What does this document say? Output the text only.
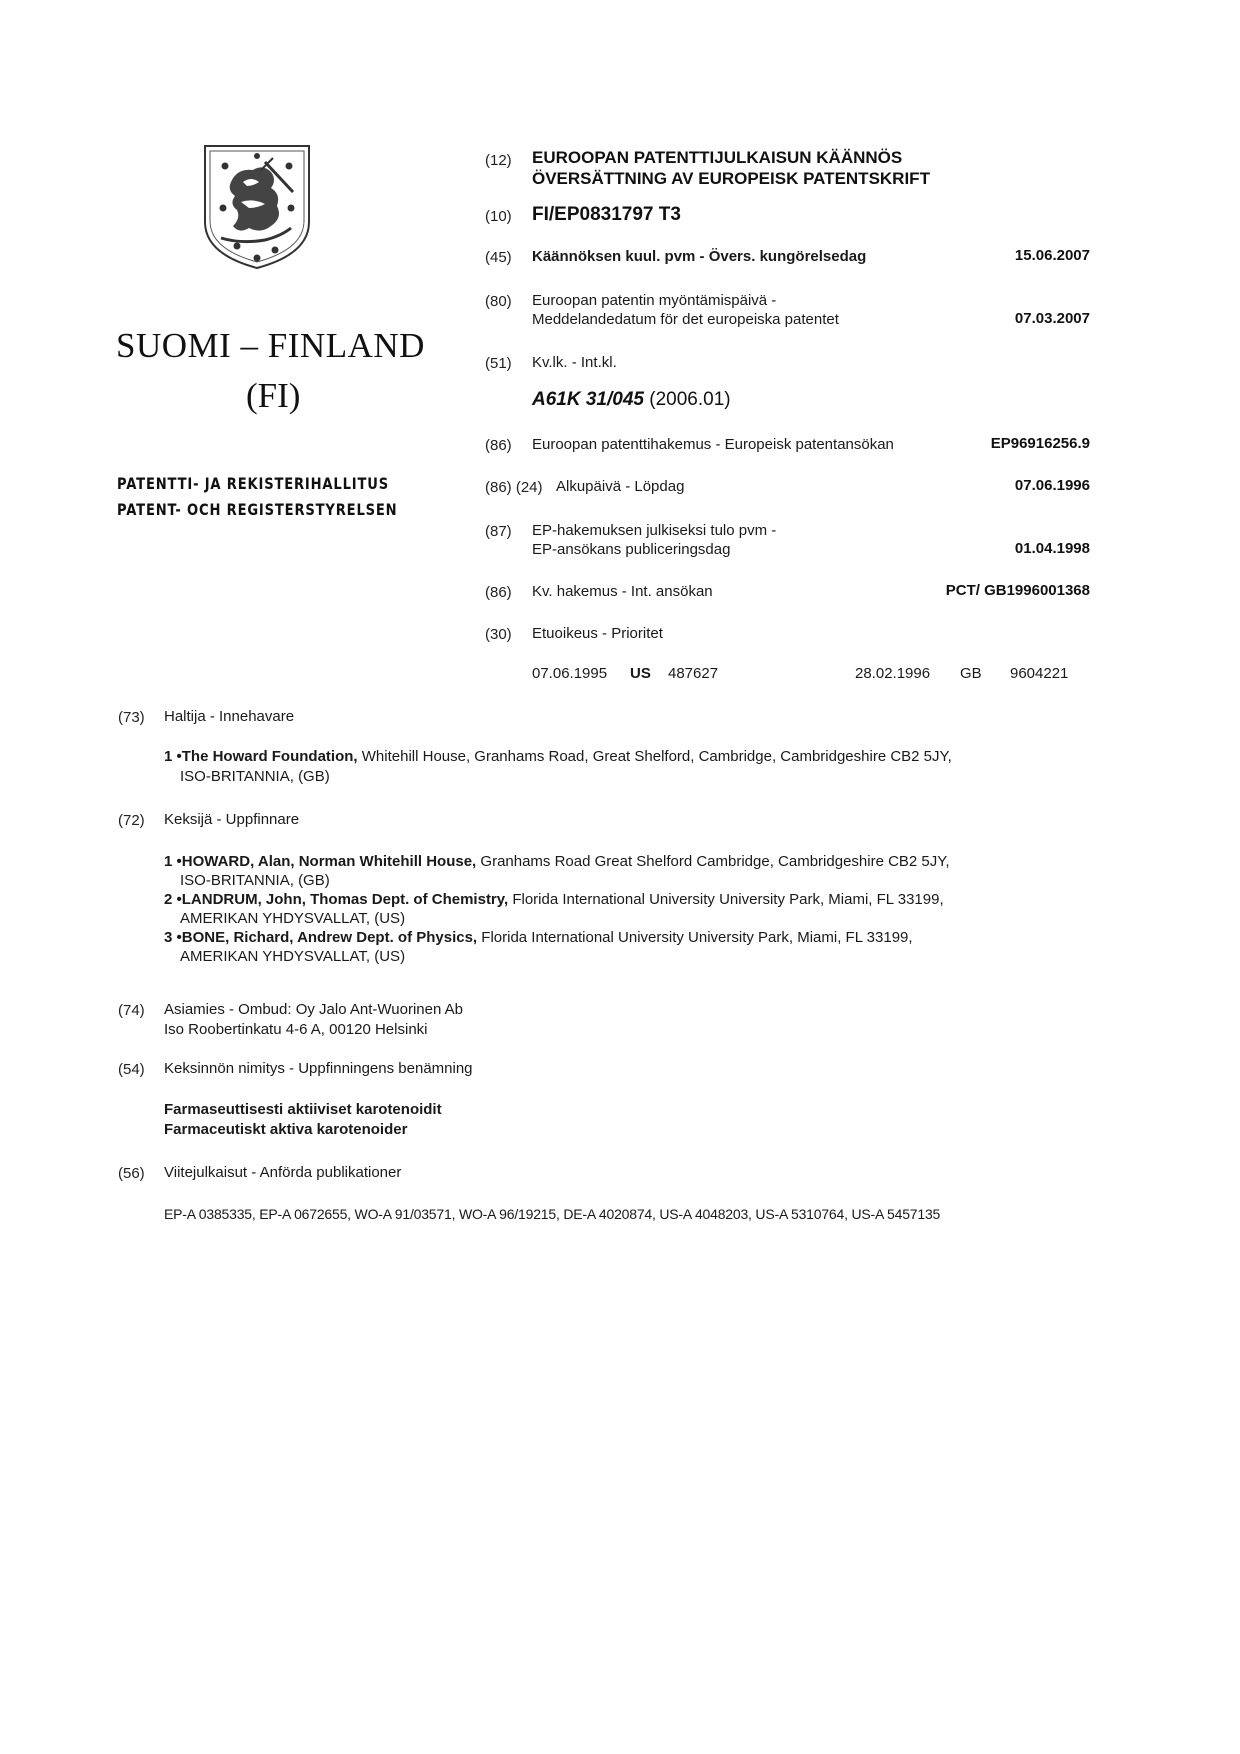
SUOMI – FINLAND
(FI)
PATENTTI- JA REKISTERIHALLITUS
PATENT- OCH REGISTERSTYRELSEN
(12) EUROOPAN PATENTTIJULKAISUN KÄÄNNÖS
ÖVERSÄTTNING AV EUROPEISK PATENTSKRIFT
(10) FI/EP0831797 T3
(45) Käännöksen kuul. pvm - Övers. kungörelsedag	15.06.2007
(80) Euroopan patentin myöntämispäivä -
Meddelandedatum för det europeiska patentet	07.03.2007
(51) Kv.lk. - Int.kl.
A61K 31/045 (2006.01)
(86) Euroopan patenttihakemus - Europeisk patentansökan	EP96916256.9
(86) (24) Alkupäivä - Löpdag	07.06.1996
(87) EP-hakemuksen julkiseksi tulo pvm -
EP-ansökans publiceringsdag	01.04.1998
(86) Kv. hakemus - Int. ansökan	PCT/ GB1996001368
(30) Etuoikeus - Prioritet
07.06.1995 US 487627	28.02.1996 GB 9604221
(73) Haltija - Innehavare
1 •The Howard Foundation, Whitehill House, Granhams Road, Great Shelford, Cambridge, Cambridgeshire CB2 5JY,
ISO-BRITANNIA, (GB)
(72) Keksijä - Uppfinnare
1 •HOWARD, Alan, Norman Whitehill House, Granhams Road Great Shelford Cambridge, Cambridgeshire CB2 5JY,
ISO-BRITANNIA, (GB)
2 •LANDRUM, John, Thomas Dept. of Chemistry, Florida International University University Park, Miami, FL 33199,
AMERIKAN YHDYSVALLAT, (US)
3 •BONE, Richard, Andrew Dept. of Physics, Florida International University University Park, Miami, FL 33199,
AMERIKAN YHDYSVALLAT, (US)
(74) Asiamies - Ombud: Oy Jalo Ant-Wuorinen Ab
Iso Roobertinkatu 4-6 A, 00120 Helsinki
(54) Keksinnön nimitys - Uppfinningens benämning
Farmaseuttisesti aktiiviset karotenoidit
Farmaceutiskt aktiva karotenoider
(56) Viitejulkaisut - Anförda publikationer
EP-A 0385335, EP-A 0672655, WO-A 91/03571, WO-A 96/19215, DE-A 4020874, US-A 4048203, US-A 5310764, US-A 5457135
